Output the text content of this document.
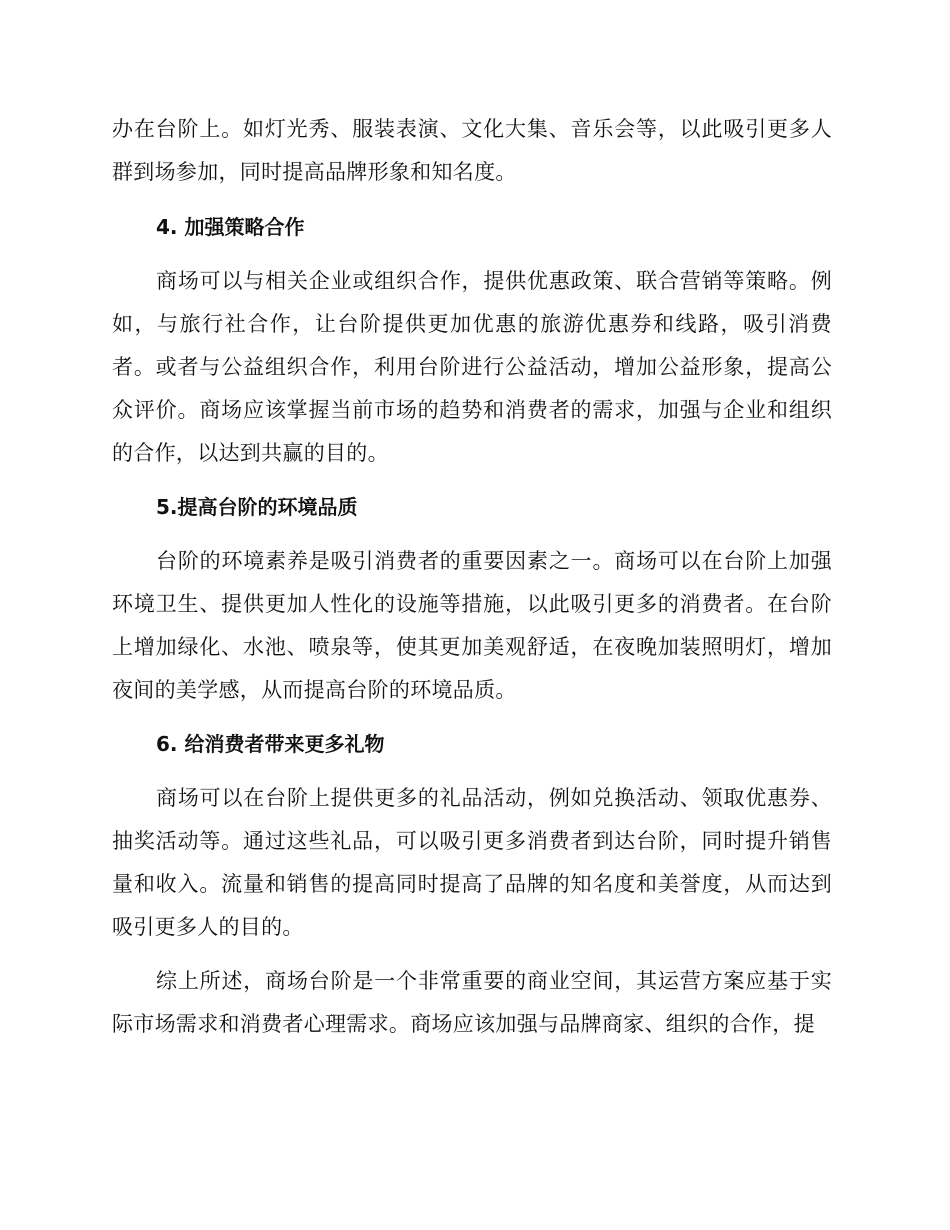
办在台阶上。如灯光秀、服装表演、文化大集、音乐会等，以此吸引更多人群到场参加，同时提高品牌形象和知名度。

4. 加强策略合作

商场可以与相关企业或组织合作，提供优惠政策、联合营销等策略。例如，与旅行社合作，让台阶提供更加优惠的旅游优惠券和线路，吸引消费者。或者与公益组织合作，利用台阶进行公益活动，增加公益形象，提高公众评价。商场应该掌握当前市场的趋势和消费者的需求，加强与企业和组织的合作，以达到共赢的目的。

5.提高台阶的环境品质

台阶的环境素养是吸引消费者的重要因素之一。商场可以在台阶上加强环境卫生、提供更加人性化的设施等措施，以此吸引更多的消费者。在台阶上增加绿化、水池、喷泉等，使其更加美观舒适，在夜晚加装照明灯，增加夜间的美学感，从而提高台阶的环境品质。

6. 给消费者带来更多礼物

商场可以在台阶上提供更多的礼品活动，例如兑换活动、领取优惠券、抽奖活动等。通过这些礼品，可以吸引更多消费者到达台阶，同时提升销售量和收入。流量和销售的提高同时提高了品牌的知名度和美誉度，从而达到吸引更多人的目的。

综上所述，商场台阶是一个非常重要的商业空间，其运营方案应基于实际市场需求和消费者心理需求。商场应该加强与品牌商家、组织的合作，提
